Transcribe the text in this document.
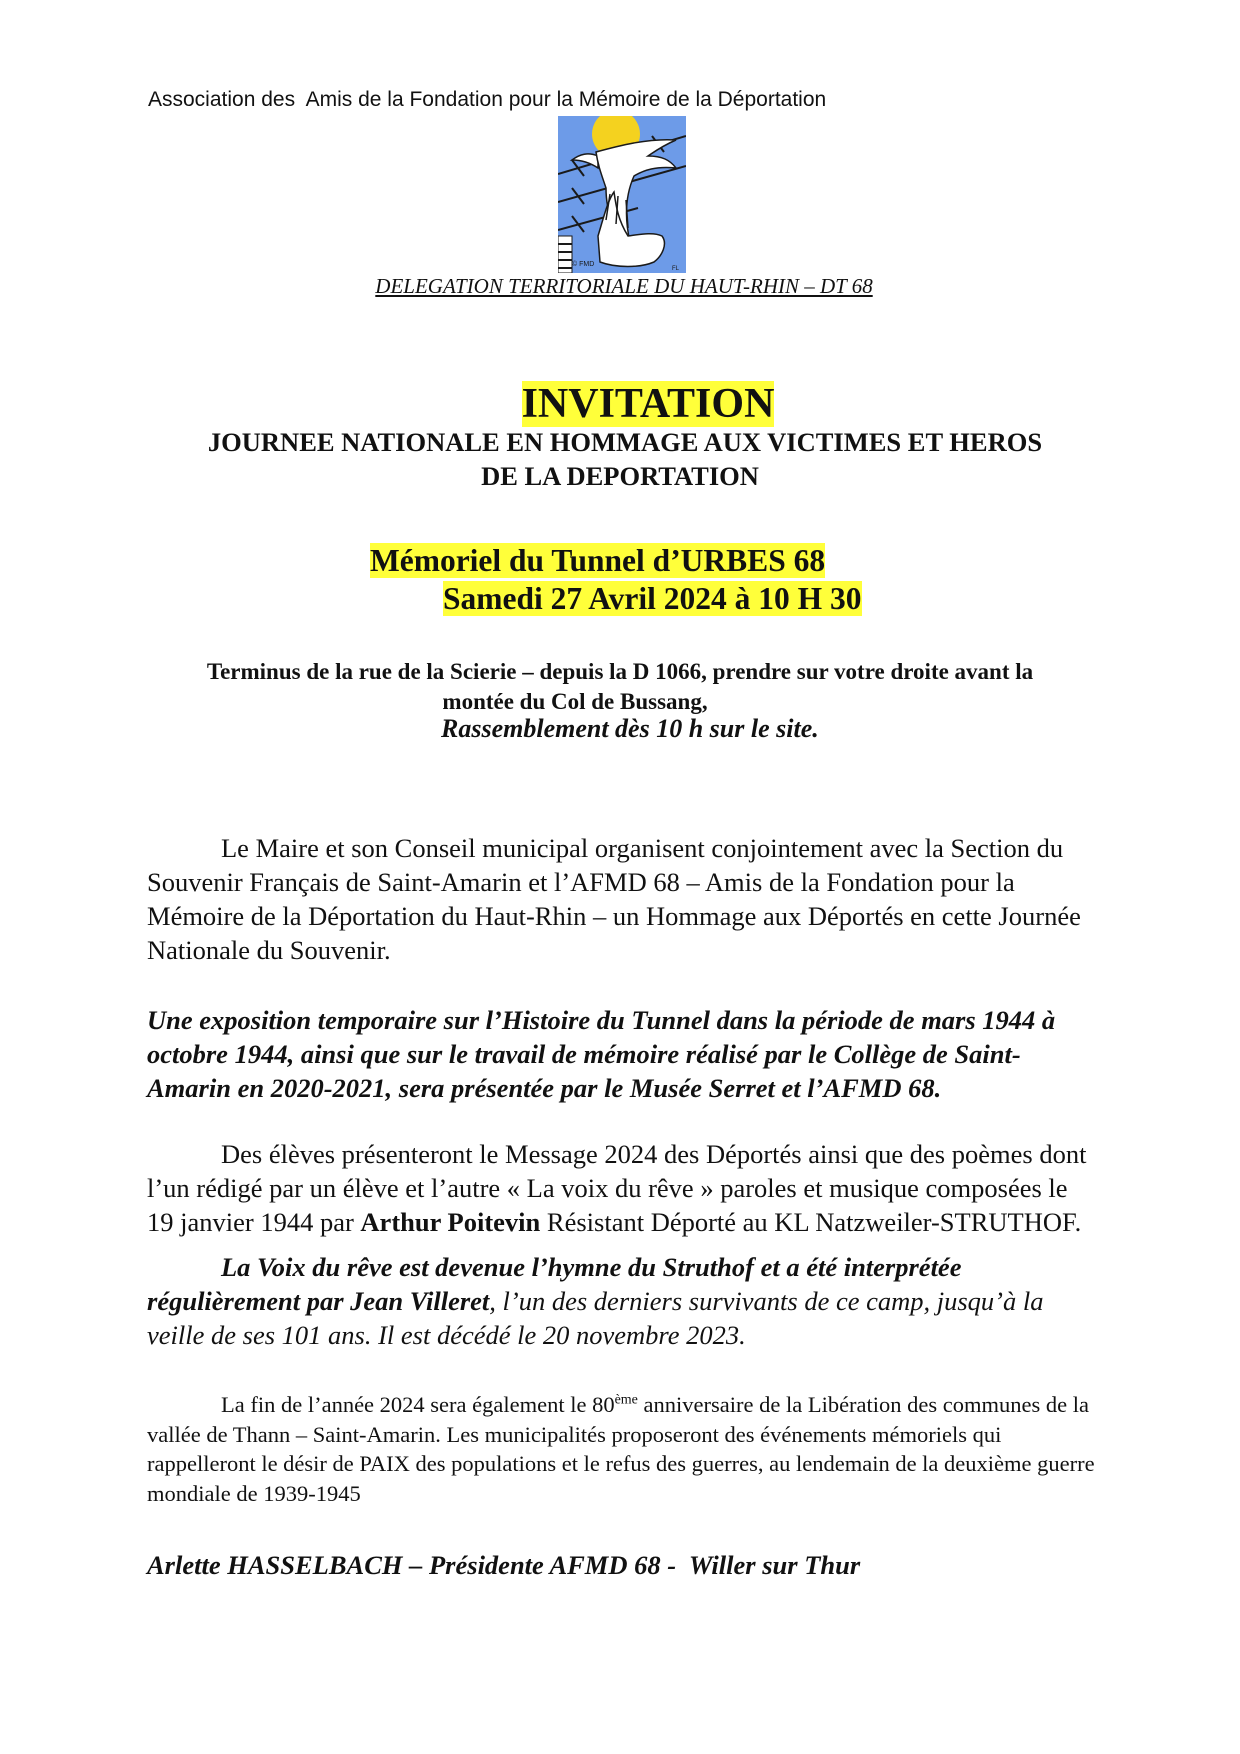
Association des  Amis de la Fondation pour la Mémoire de la Déportation
© FMD
FL
DELEGATION TERRITORIALE DU HAUT-RHIN – DT 68
INVITATION
JOURNEE NATIONALE EN HOMMAGE AUX VICTIMES ET HEROS
DE LA DEPORTATION
Mémoriel du Tunnel d’URBES 68
Samedi 27 Avril 2024 à 10 H 30
Terminus de la rue de la Scierie – depuis la D 1066, prendre sur votre droite avant la
montée du Col de Bussang,
Rassemblement dès 10 h sur le site.
Le Maire et son Conseil municipal organisent conjointement avec la Section du Souvenir Français de Saint-Amarin et l’AFMD 68 – Amis de la Fondation pour la Mémoire de la Déportation du Haut-Rhin – un Hommage aux Déportés en cette Journée Nationale du Souvenir.
Une exposition temporaire sur l’Histoire du Tunnel dans la période de mars 1944 à octobre 1944, ainsi que sur le travail de mémoire réalisé par le Collège de Saint-Amarin en 2020-2021, sera présentée par le Musée Serret et l’AFMD 68.
Des élèves présenteront le Message 2024 des Déportés ainsi que des poèmes dont l’un rédigé par un élève et l’autre « La voix du rêve » paroles et musique composées le 19 janvier 1944 par Arthur Poitevin Résistant Déporté au KL Natzweiler-STRUTHOF.
La Voix du rêve est devenue l’hymne du Struthof et a été interprétée régulièrement par Jean Villeret, l’un des derniers survivants de ce camp, jusqu’à la veille de ses 101 ans. Il est décédé le 20 novembre 2023.
La fin de l’année 2024 sera également le 80ème anniversaire de la Libération des communes de la vallée de Thann – Saint-Amarin. Les municipalités proposeront des événements mémoriels qui rappelleront le désir de PAIX des populations et le refus des guerres, au lendemain de la deuxième guerre mondiale de 1939-1945
Arlette HASSELBACH – Présidente AFMD 68 -  Willer sur Thur
